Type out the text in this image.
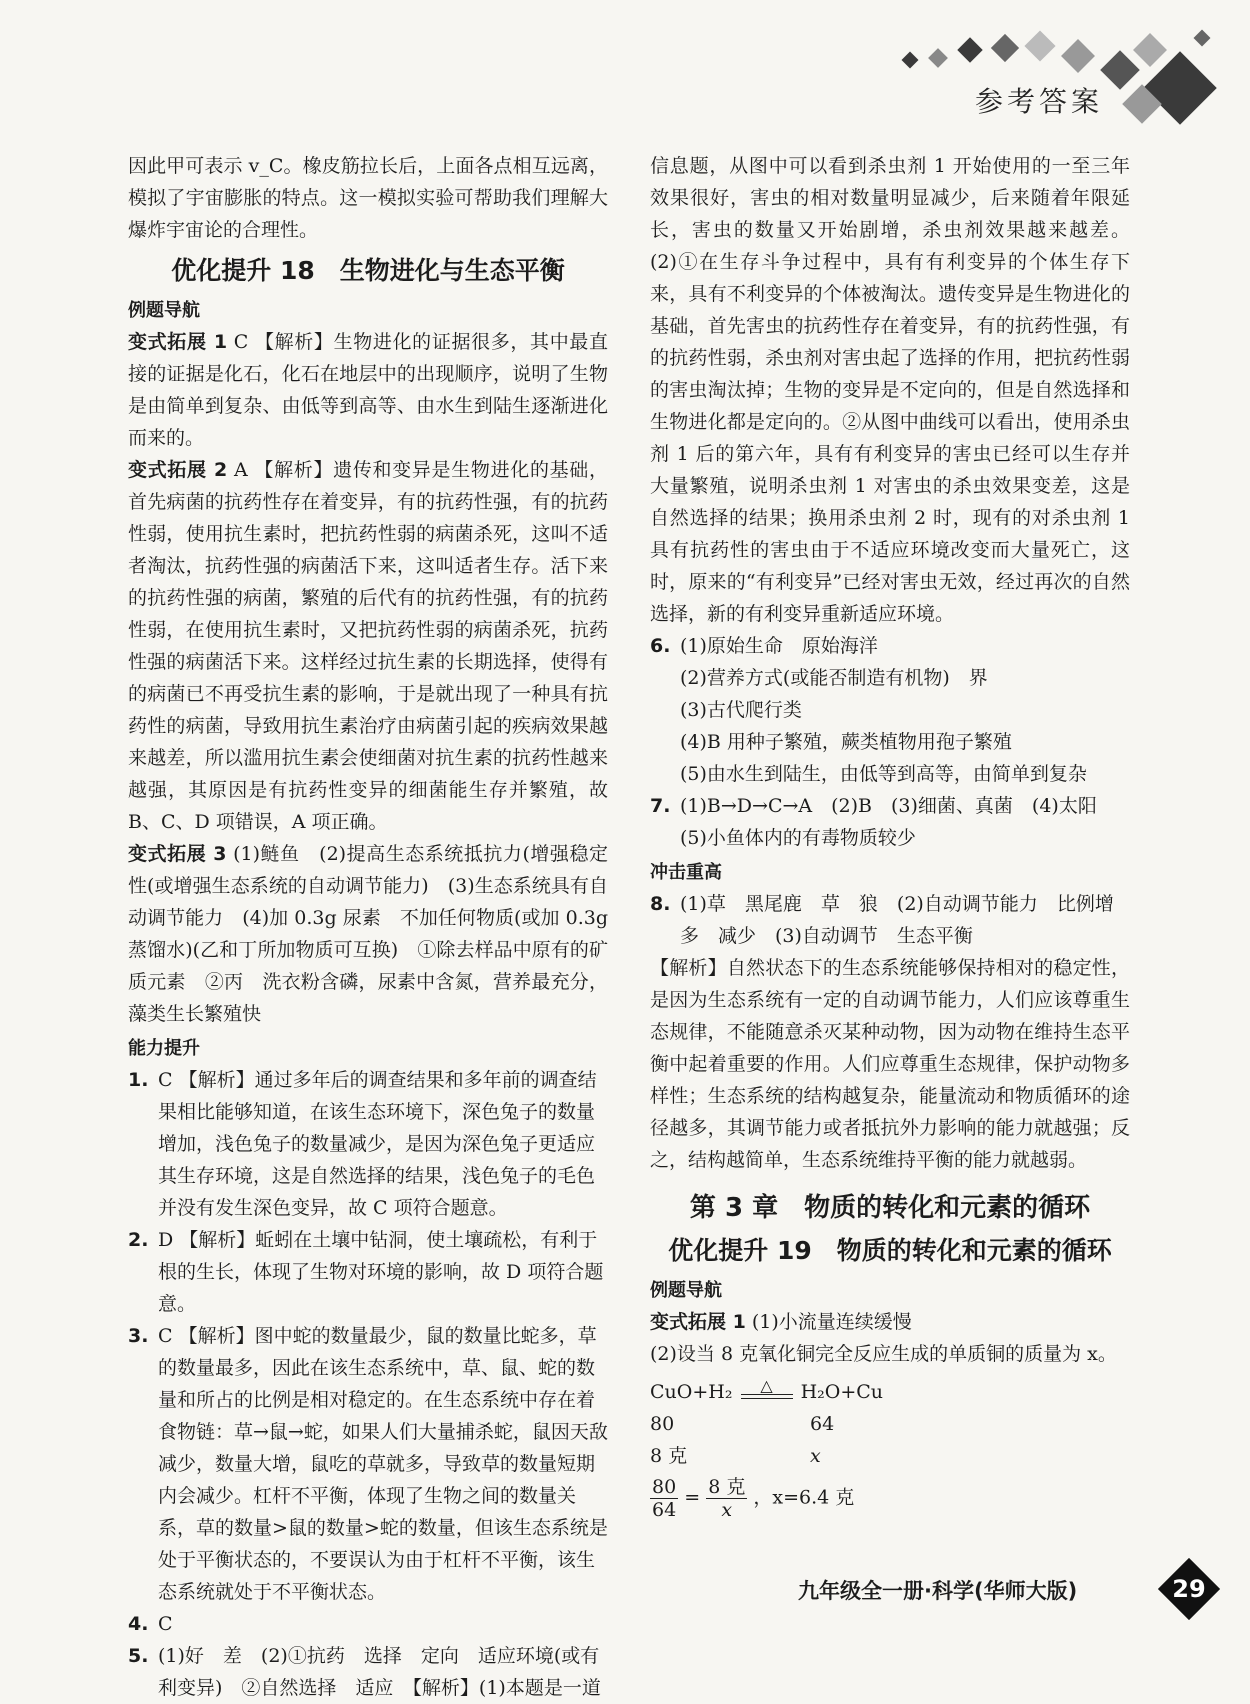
参考答案

因此甲可表示 v_C。橡皮筋拉长后，上面各点相互远离，模拟了宇宙膨胀的特点。这一模拟实验可帮助我们理解大爆炸宇宙论的合理性。

优化提升 18　生物进化与生态平衡
例题导航

变式拓展 1 C 【解析】生物进化的证据很多，其中最直接的证据是化石，化石在地层中的出现顺序，说明了生物是由简单到复杂、由低等到高等、由水生到陆生逐渐进化而来的。

变式拓展 2 A 【解析】遗传和变异是生物进化的基础，首先病菌的抗药性存在着变异，有的抗药性强，有的抗药性弱，使用抗生素时，把抗药性弱的病菌杀死，这叫不适者淘汰，抗药性强的病菌活下来，这叫适者生存。活下来的抗药性强的病菌，繁殖的后代有的抗药性强，有的抗药性弱，在使用抗生素时，又把抗药性弱的病菌杀死，抗药性强的病菌活下来。这样经过抗生素的长期选择，使得有的病菌已不再受抗生素的影响，于是就出现了一种具有抗药性的病菌，导致用抗生素治疗由病菌引起的疾病效果越来越差，所以滥用抗生素会使细菌对抗生素的抗药性越来越强，其原因是有抗药性变异的细菌能生存并繁殖，故 B、C、D 项错误，A 项正确。

变式拓展 3 (1)鲢鱼　(2)提高生态系统抵抗力(增强稳定性(或增强生态系统的自动调节能力)　(3)生态系统具有自动调节能力　(4)加 0.3g 尿素　不加任何物质(或加 0.3g 蒸馏水)(乙和丁所加物质可互换)　①除去样品中原有的矿质元素　②丙　洗衣粉含磷，尿素中含氮，营养最充分，藻类生长繁殖快

能力提升
1. C 【解析】通过多年后的调查结果和多年前的调查结果相比能够知道，在该生态环境下，深色兔子的数量增加，浅色兔子的数量减少，是因为深色兔子更适应其生存环境，这是自然选择的结果，浅色兔子的毛色并没有发生深色变异，故 C 项符合题意。
2. D 【解析】蚯蚓在土壤中钻洞，使土壤疏松，有利于根的生长，体现了生物对环境的影响，故 D 项符合题意。
3. C 【解析】图中蛇的数量最少，鼠的数量比蛇多，草的数量最多，因此在该生态系统中，草、鼠、蛇的数量和所占的比例是相对稳定的。在生态系统中存在着食物链：草→鼠→蛇，如果人们大量捕杀蛇，鼠因天敌减少，数量大增，鼠吃的草就多，导致草的数量短期内会减少。杠杆不平衡，体现了生物之间的数量关系，草的数量>鼠的数量>蛇的数量，但该生态系统是处于平衡状态的，不要误认为由于杠杆不平衡，该生态系统就处于不平衡状态。
4. C
5. (1)好　差　(2)①抗药　选择　定向　适应环境(或有利变异)　②自然选择　适应　【解析】(1)本题是一道

信息题，从图中可以看到杀虫剂 1 开始使用的一至三年效果很好，害虫的相对数量明显减少，后来随着年限延长，害虫的数量又开始剧增，杀虫剂效果越来越差。(2)①在生存斗争过程中，具有有利变异的个体生存下来，具有不利变异的个体被淘汰。遗传变异是生物进化的基础，首先害虫的抗药性存在着变异，有的抗药性强，有的抗药性弱，杀虫剂对害虫起了选择的作用，把抗药性弱的害虫淘汰掉；生物的变异是不定向的，但是自然选择和生物进化都是定向的。②从图中曲线可以看出，使用杀虫剂 1 后的第六年，具有有利变异的害虫已经可以生存并大量繁殖，说明杀虫剂 1 对害虫的杀虫效果变差，这是自然选择的结果；换用杀虫剂 2 时，现有的对杀虫剂 1 具有抗药性的害虫由于不适应环境改变而大量死亡，这时，原来的“有利变异”已经对害虫无效，经过再次的自然选择，新的有利变异重新适应环境。

6. (1)原始生命　原始海洋
(2)营养方式(或能否制造有机物)　界
(3)古代爬行类
(4)B 用种子繁殖，蕨类植物用孢子繁殖
(5)由水生到陆生，由低等到高等，由简单到复杂
7. (1)B→D→C→A　(2)B　(3)细菌、真菌　(4)太阳
(5)小鱼体内的有毒物质较少
冲击重高
8. (1)草　黑尾鹿　草　狼　(2)自动调节能力　比例增多　减少　(3)自动调节　生态平衡

【解析】自然状态下的生态系统能够保持相对的稳定性，是因为生态系统有一定的自动调节能力，人们应该尊重生态规律，不能随意杀灭某种动物，因为动物在维持生态平衡中起着重要的作用。人们应尊重生态规律，保护动物多样性；生态系统的结构越复杂，能量流动和物质循环的途径越多，其调节能力或者抵抗外力影响的能力就越强；反之，结构越简单，生态系统维持平衡的能力就越弱。

第 3 章　物质的转化和元素的循环
优化提升 19　物质的转化和元素的循环
例题导航

变式拓展 1 (1)小流量连续缓慢

(2)设当 8 克氧化铜完全反应生成的单质铜的质量为 x。

CuO+H₂	△	H₂O+Cu
80	64
8 克	x
$\frac{80}{64} = \frac{\text{8 克}}{x}$ ，x=6.4 克
九年级全一册·科学(华师大版)	29
